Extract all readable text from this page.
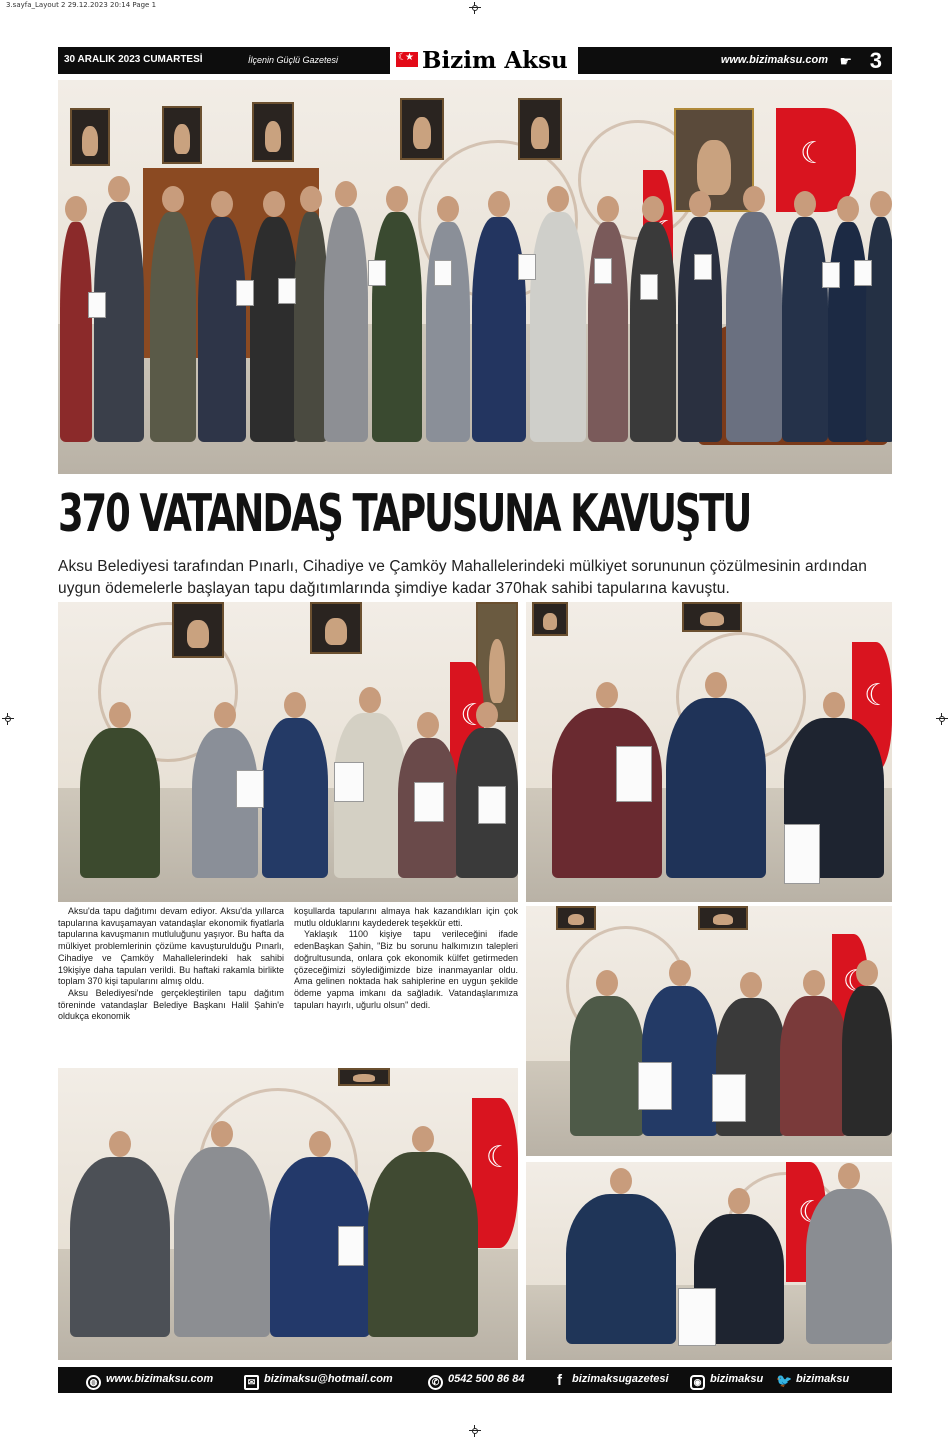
3.sayfa_Layout 2 29.12.2023 20:14 Page 1
30 ARALIK 2023 CUMARTESİ	İlçenin Güçlü Gazetesi
☾★	Bizim Aksu	www.bizimaksu.com ☛ 3
☾
☾
370 VATANDAŞ TAPUSUNA KAVUŞTU
Aksu Belediyesi tarafından Pınarlı, Cihadiye ve Çamköy Mahallelerindeki mülkiyet sorununun çözülmesinin ardından uygun ödemelerle başlayan tapu dağıtımlarında şimdiye kadar 370hak sahibi tapularına kavuştu.
☾
☾

Aksu'da tapu dağıtımı devam ediyor. Aksu'da yıllarca tapularına kavuşamayan vatandaşlar ekonomik fiyatlarla tapularına kavuşmanın mutluluğunu yaşıyor. Bu hafta da mülkiyet problemlerinin çözüme kavuşturulduğu Pınarlı, Cihadiye ve Çamköy Mahallelerindeki hak sahibi 19kişiye daha tapuları verildi. Bu haftaki rakamla birlikte toplam 370 kişi tapularını almış oldu.

Aksu Belediyesi'nde gerçekleştirilen tapu dağıtım töreninde vatandaşlar Belediye Başkanı Halil Şahin'e oldukça ekonomik

koşullarda tapularını almaya hak kazandıkları için çok mutlu olduklarını kaydederek teşekkür etti.

Yaklaşık 1100 kişiye tapu verileceğini ifade edenBaşkan Şahin, "Biz bu sorunu halkımızın talepleri doğrultusunda, onlara çok ekonomik külfet getirmeden çözeceğimizi söylediğimizde bize inanmayanlar oldu. Ama gelinen noktada hak sahiplerine en uygun şekilde ödeme yapma imkanı da sağladık. Vatandaşlarımıza tapuları hayırlı, uğurlu olsun" dedi.

☾
☾
☾
◍ www.bizimaksu.com	✉ bizimaksu@hotmail.com	✆ 0542 500 86 84	f bizimaksugazetesi	◉ bizimaksu 🐦 bizimaksu
